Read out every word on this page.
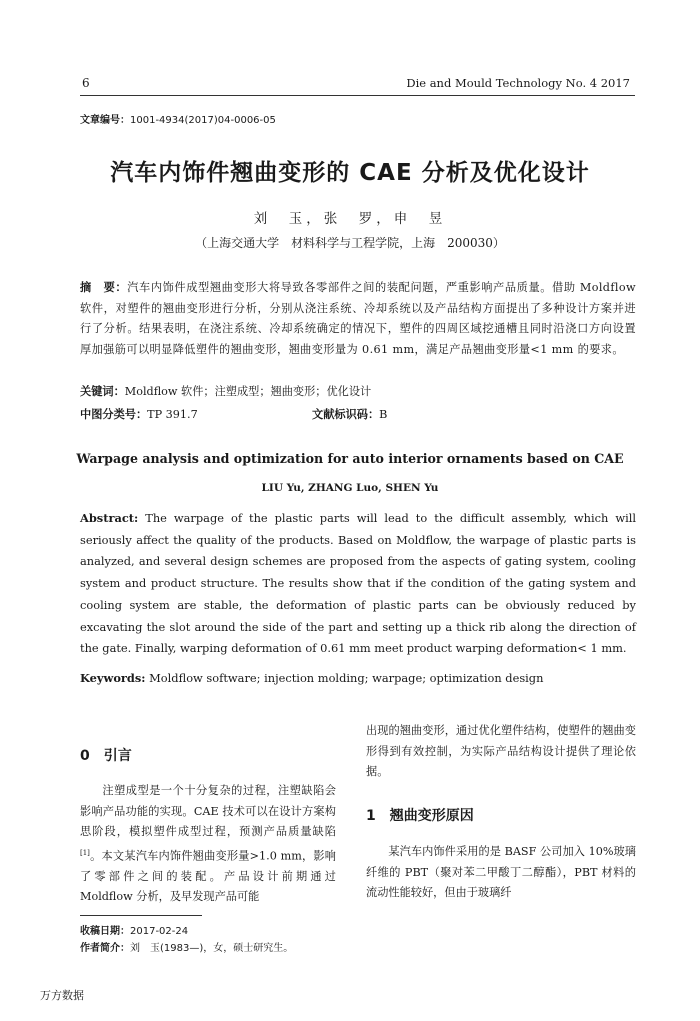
6	Die and Mould Technology No. 4 2017
文章编号：1001-4934(2017)04-0006-05
汽车内饰件翘曲变形的 CAE 分析及优化设计
刘　玉，张　罗，申　昱
（上海交通大学　材料科学与工程学院，上海　200030）
摘　要：汽车内饰件成型翘曲变形大将导致各零部件之间的装配问题，严重影响产品质量。借助 Moldflow 软件，对塑件的翘曲变形进行分析，分别从浇注系统、冷却系统以及产品结构方面提出了多种设计方案并进行了分析。结果表明，在浇注系统、冷却系统确定的情况下，塑件的四周区域挖通槽且同时沿浇口方向设置厚加强筋可以明显降低塑件的翘曲变形，翘曲变形量为 0.61 mm，满足产品翘曲变形量<1 mm 的要求。
关键词：Moldflow 软件；注塑成型；翘曲变形；优化设计
中图分类号：TP 391.7	文献标识码：B
Warpage analysis and optimization for auto interior ornaments based on CAE
LIU Yu, ZHANG Luo, SHEN Yu
Abstract: The warpage of the plastic parts will lead to the difficult assembly, which will seriously affect the quality of the products. Based on Moldflow, the warpage of plastic parts is analyzed, and several design schemes are proposed from the aspects of gating system, cooling system and product structure. The results show that if the condition of the gating system and cooling system are stable, the deformation of plastic parts can be obviously reduced by excavating the slot around the side of the part and setting up a thick rib along the direction of the gate. Finally, warping deformation of 0.61 mm meet product warping deformation< 1 mm.
Keywords: Moldflow software; injection molding; warpage; optimization design
出现的翘曲变形，通过优化塑件结构，使塑件的翘曲变形得到有效控制，为实际产品结构设计提供了理论依据。
0 引言

注塑成型是一个十分复杂的过程，注塑缺陷会影响产品功能的实现。CAE 技术可以在设计方案构思阶段，模拟塑件成型过程，预测产品质量缺陷[1]。本文某汽车内饰件翘曲变形量>1.0 mm，影响了零部件之间的装配。产品设计前期通过 Moldflow 分析，及早发现产品可能

1 翘曲变形原因

某汽车内饰件采用的是 BASF 公司加入 10%玻璃纤维的 PBT（聚对苯二甲酸丁二醇酯），PBT 材料的流动性能较好，但由于玻璃纤

收稿日期：2017-02-24
作者简介：刘　玉(1983—)，女，硕士研究生。
万方数据
